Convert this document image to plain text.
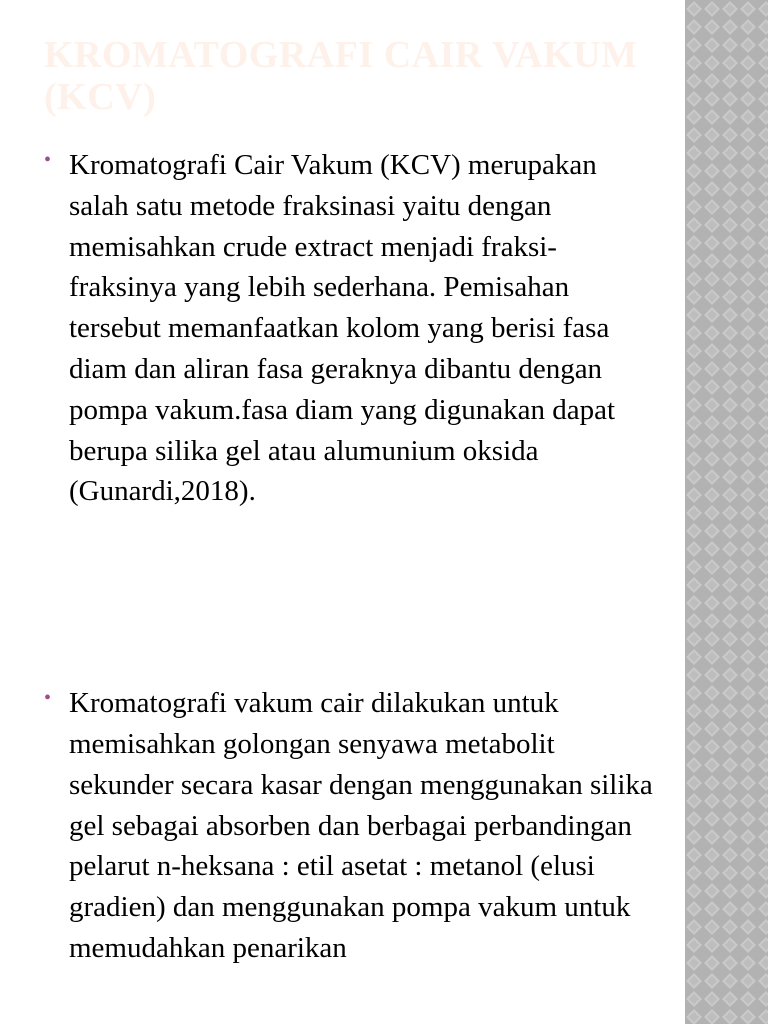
KROMATOGRAFI CAIR VAKUM (KCV)
• Kromatografi Cair Vakum (KCV) merupakan salah satu metode fraksinasi yaitu dengan memisahkan crude extract menjadi fraksi-fraksinya yang lebih sederhana. Pemisahan tersebut memanfaatkan kolom yang berisi fasa diam dan aliran fasa geraknya dibantu dengan pompa vakum.fasa diam yang digunakan dapat berupa silika gel atau alumunium oksida (Gunardi,2018).
• Kromatografi vakum cair dilakukan untuk memisahkan golongan senyawa metabolit sekunder secara kasar dengan menggunakan silika gel sebagai absorben dan berbagai perbandingan pelarut n-heksana : etil asetat : metanol (elusi gradien) dan menggunakan pompa vakum untuk memudahkan penarikan
